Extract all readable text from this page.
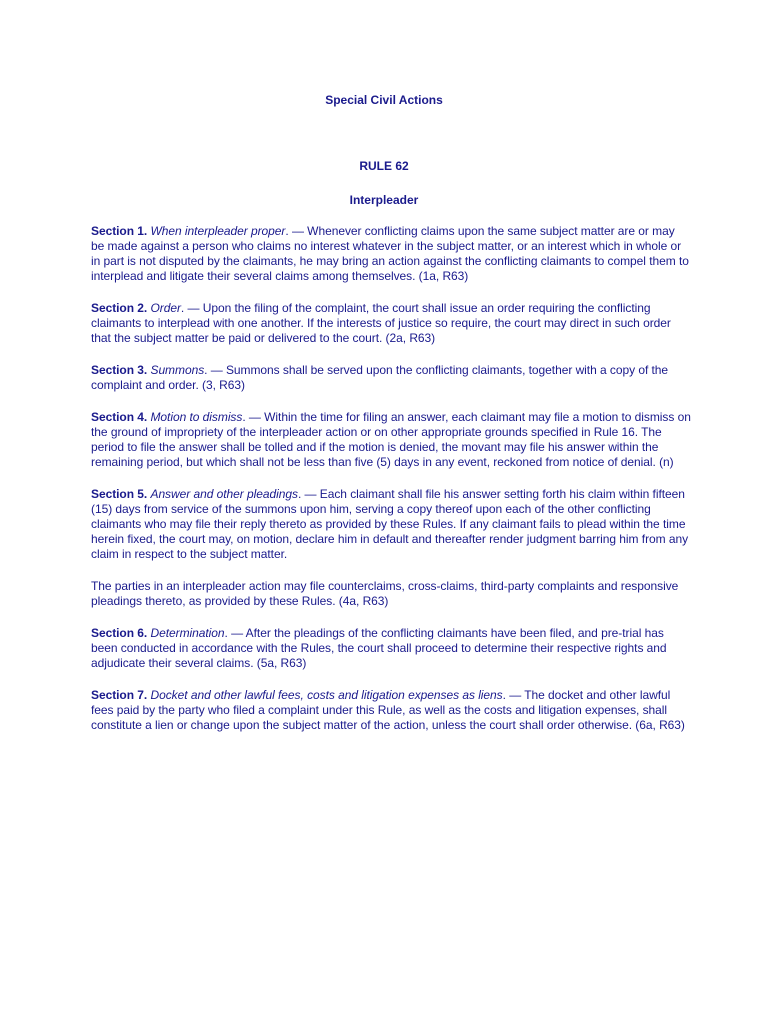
Special Civil Actions
RULE 62
Interpleader

Section 1. When interpleader proper. — Whenever conflicting claims upon the same subject matter are or may be made against a person who claims no interest whatever in the subject matter, or an interest which in whole or in part is not disputed by the claimants, he may bring an action against the conflicting claimants to compel them to interplead and litigate their several claims among themselves. (1a, R63)

Section 2. Order. — Upon the filing of the complaint, the court shall issue an order requiring the conflicting claimants to interplead with one another. If the interests of justice so require, the court may direct in such order that the subject matter be paid or delivered to the court. (2a, R63)

Section 3. Summons. — Summons shall be served upon the conflicting claimants, together with a copy of the complaint and order. (3, R63)

Section 4. Motion to dismiss. — Within the time for filing an answer, each claimant may file a motion to dismiss on the ground of impropriety of the interpleader action or on other appropriate grounds specified in Rule 16. The period to file the answer shall be tolled and if the motion is denied, the movant may file his answer within the remaining period, but which shall not be less than five (5) days in any event, reckoned from notice of denial. (n)

Section 5. Answer and other pleadings. — Each claimant shall file his answer setting forth his claim within fifteen (15) days from service of the summons upon him, serving a copy thereof upon each of the other conflicting claimants who may file their reply thereto as provided by these Rules. If any claimant fails to plead within the time herein fixed, the court may, on motion, declare him in default and thereafter render judgment barring him from any claim in respect to the subject matter.

The parties in an interpleader action may file counterclaims, cross-claims, third-party complaints and responsive pleadings thereto, as provided by these Rules. (4a, R63)

Section 6. Determination. — After the pleadings of the conflicting claimants have been filed, and pre-trial has been conducted in accordance with the Rules, the court shall proceed to determine their respective rights and adjudicate their several claims. (5a, R63)

Section 7. Docket and other lawful fees, costs and litigation expenses as liens. — The docket and other lawful fees paid by the party who filed a complaint under this Rule, as well as the costs and litigation expenses, shall constitute a lien or change upon the subject matter of the action, unless the court shall order otherwise. (6a, R63)
